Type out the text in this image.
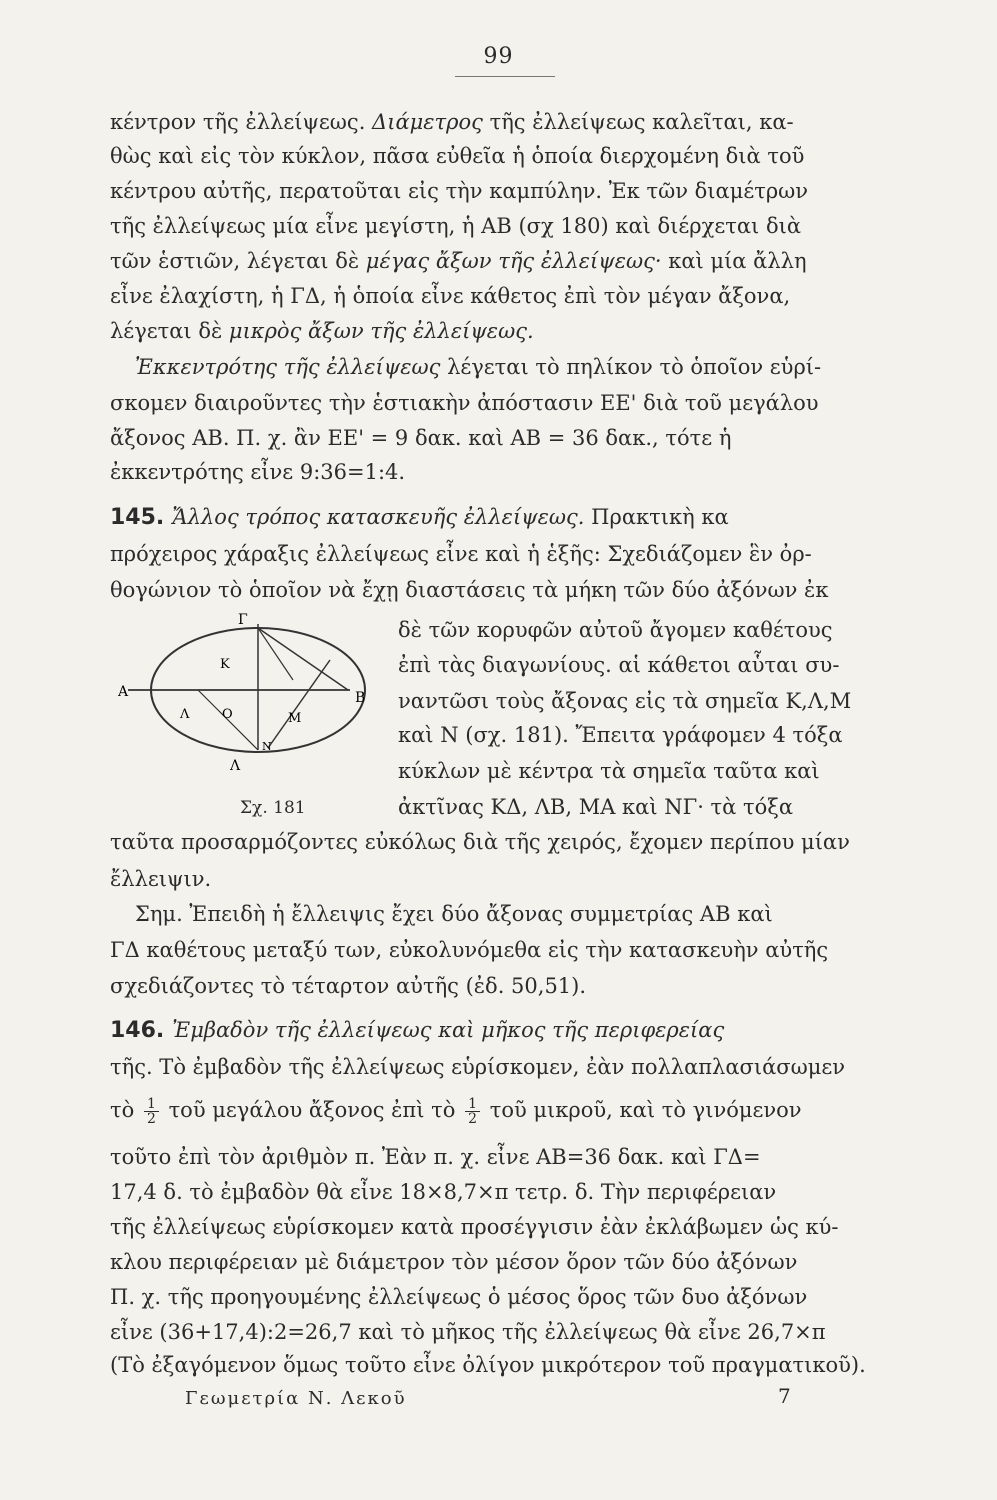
99
κέντρον τῆς ἐλλείψεως. Διάμετρος τῆς ἐλλείψεως καλεῖται, κα-
θὼς καὶ εἰς τὸν κύκλον, πᾶσα εὐθεῖα ἡ ὁποία διερχομένη διὰ τοῦ
κέντρου αὐτῆς, περατοῦται εἰς τὴν καμπύλην. Ἐκ τῶν διαμέτρων
τῆς ἐλλείψεως μία εἶνε μεγίστη, ἡ ΑΒ (σχ 180) καὶ διέρχεται διὰ
τῶν ἑστιῶν, λέγεται δὲ μέγας ἄξων τῆς ἐλλείψεως· καὶ μία ἄλλη
εἶνε ἐλαχίστη, ἡ ΓΔ, ἡ ὁποία εἶνε κάθετος ἐπὶ τὸν μέγαν ἄξονα,
λέγεται δὲ μικρὸς ἄξων τῆς ἐλλείψεως.
Ἐκκεντρότης τῆς ἐλλείψεως λέγεται τὸ πηλίκον τὸ ὁποῖον εὑρί-
σκομεν διαιροῦντες τὴν ἑστιακὴν ἀπόστασιν ΕΕ' διὰ τοῦ μεγάλου
ἄξονος ΑΒ. Π. χ. ἂν ΕΕ' = 9 δακ. καὶ ΑΒ = 36 δακ., τότε ἡ
ἐκκεντρότης εἶνε 9:36=1:4.
145. Ἄλλος τρόπος κατασκευῆς ἐλλείψεως. Πρακτικὴ κα
πρόχειρος χάραξις ἐλλείψεως εἶνε καὶ ἡ ἑξῆς: Σχεδιάζομεν ἓν ὀρ-
θογώνιον τὸ ὁποῖον νὰ ἔχῃ διαστάσεις τὰ μήκη τῶν δύο ἀξόνων ἐκ
Γ
Λ
Α	Β
Κ
Λ	Ο	Μ
Ν
Σχ. 181
δὲ τῶν κορυφῶν αὐτοῦ ἄγομεν καθέτους
ἐπὶ τὰς διαγωνίους. αἱ κάθετοι αὗται συ-
ναντῶσι τοὺς ἄξονας εἰς τὰ σημεῖα Κ,Λ,Μ
καὶ Ν (σχ. 181). Ἔπειτα γράφομεν 4 τόξα
κύκλων μὲ κέντρα τὰ σημεῖα ταῦτα καὶ
ἀκτῖνας ΚΔ, ΛΒ, ΜΑ καὶ ΝΓ· τὰ τόξα
ταῦτα προσαρμόζοντες εὐκόλως διὰ τῆς χειρός, ἔχομεν περίπου μίαν
ἔλλειψιν.
Σημ. Ἐπειδὴ ἡ ἔλλειψις ἔχει δύο ἄξονας συμμετρίας ΑΒ καὶ
ΓΔ καθέτους μεταξύ των, εὐκολυνόμεθα εἰς τὴν κατασκευὴν αὐτῆς
σχεδιάζοντες τὸ τέταρτον αὐτῆς (ἐδ. 50,51).
146. Ἐμβαδὸν τῆς ἐλλείψεως καὶ μῆκος τῆς περιφερείας
τῆς. Τὸ ἐμβαδὸν τῆς ἐλλείψεως εὑρίσκομεν, ἐὰν πολλαπλασιάσωμεν
τὸ $\frac{1}{2}$ τοῦ μεγάλου ἄξονος ἐπὶ τὸ $\frac{1}{2}$ τοῦ μικροῦ, καὶ τὸ γινόμενον
τοῦτο ἐπὶ τὸν ἀριθμὸν π. Ἐὰν π. χ. εἶνε ΑΒ=36 δακ. καὶ ΓΔ=
17,4 δ. τὸ ἐμβαδὸν θὰ εἶνε 18×8,7×π τετρ. δ. Τὴν περιφέρειαν
τῆς ἐλλείψεως εὑρίσκομεν κατὰ προσέγγισιν ἐὰν ἐκλάβωμεν ὡς κύ-
κλου περιφέρειαν μὲ διάμετρον τὸν μέσον ὅρον τῶν δύο ἀξόνων
Π. χ. τῆς προηγουμένης ἐλλείψεως ὁ μέσος ὅρος τῶν δυο ἀξόνων
εἶνε (36+17,4):2=26,7 καὶ τὸ μῆκος τῆς ἐλλείψεως θὰ εἶνε 26,7×π
(Τὸ ἐξαγόμενον ὅμως τοῦτο εἶνε ὀλίγον μικρότερον τοῦ πραγματικοῦ).
Γεωμετρία Ν. Λεκοῦ	7
